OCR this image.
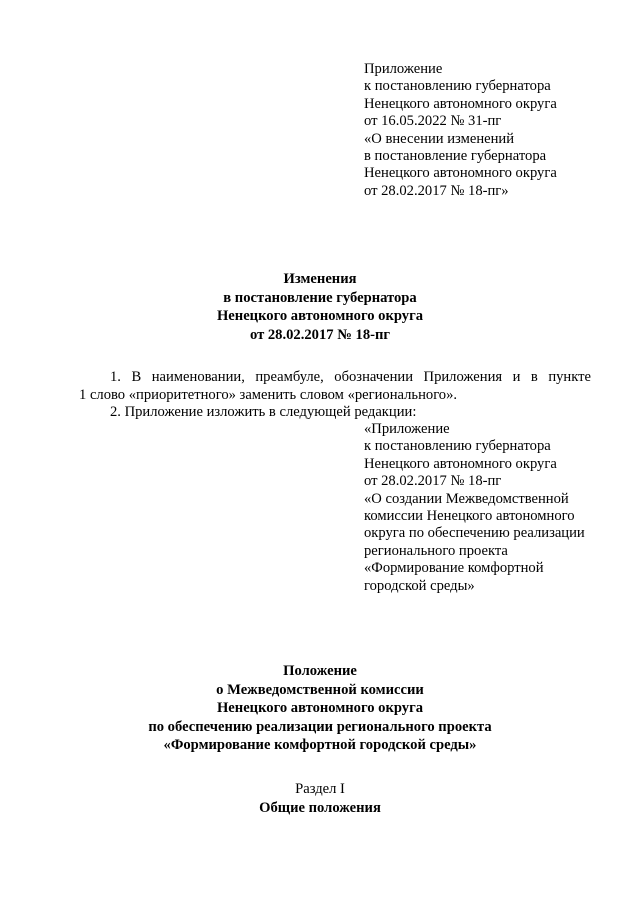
Приложение
к постановлению губернатора
Ненецкого автономного округа
от 16.05.2022 № 31-пг
«О внесении изменений
в постановление губернатора
Ненецкого автономного округа
от 28.02.2017 № 18-пг»
Изменения
в постановление губернатора
Ненецкого автономного округа
от 28.02.2017 № 18-пг
1. В наименовании, преамбуле, обозначении Приложения и в пункте
1 слово «приоритетного» заменить словом «регионального».
2. Приложение изложить в следующей редакции:
«Приложение
к постановлению губернатора
Ненецкого автономного округа
от 28.02.2017 № 18-пг
«О создании Межведомственной
комиссии Ненецкого автономного
округа по обеспечению реализации
регионального проекта
«Формирование комфортной
городской среды»
Положение
о Межведомственной комиссии
Ненецкого автономного округа
по обеспечению реализации регионального проекта
«Формирование комфортной городской среды»
Раздел I
Общие положения
